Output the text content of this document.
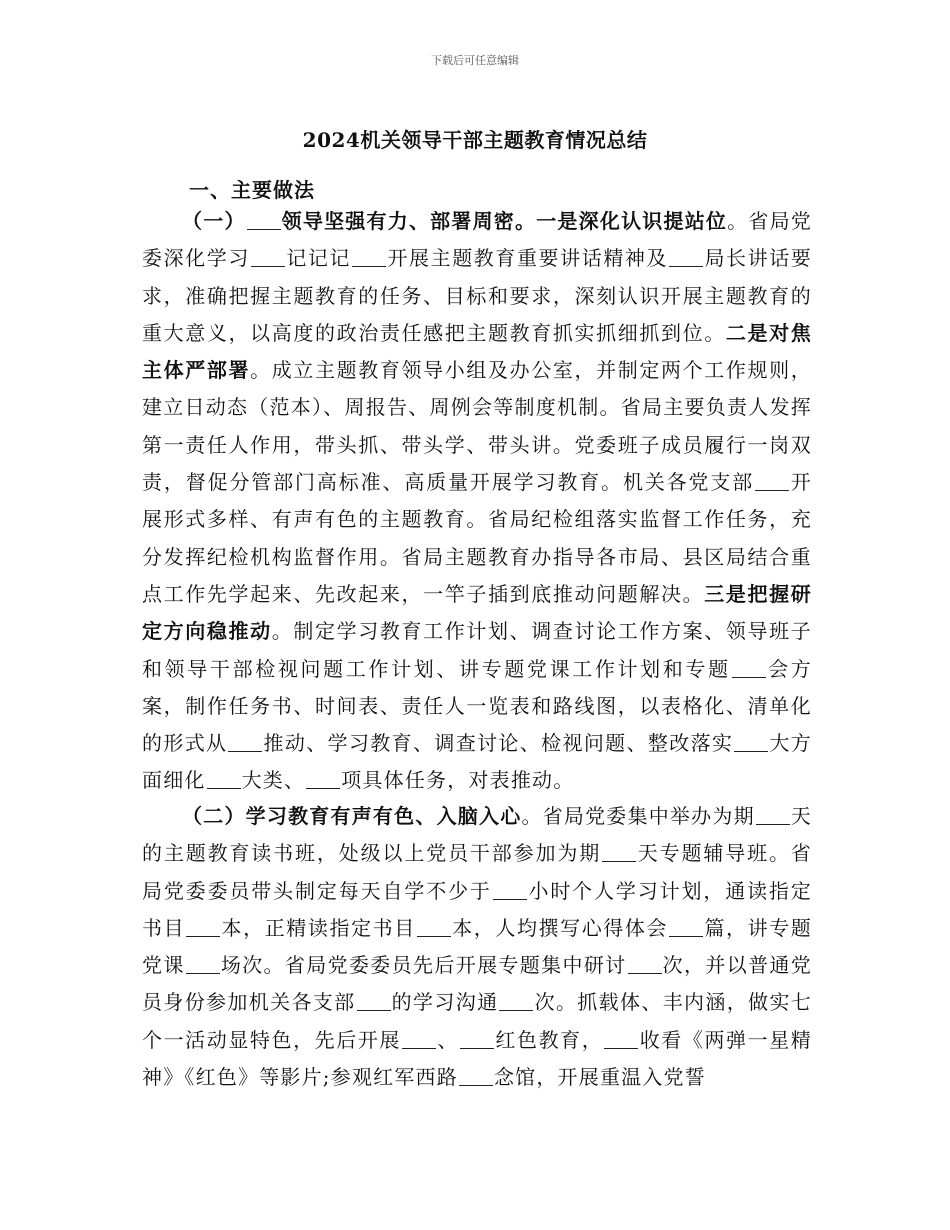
下载后可任意编辑
2024机关领导干部主题教育情况总结
一、主要做法
（一） 领导坚强有力、部署周密。一是深化认识提站位。省局党委深化学习 记记记 开展主题教育重要讲话精神及 局长讲话要求，准确把握主题教育的任务、目标和要求，深刻认识开展主题教育的重大意义，以高度的政治责任感把主题教育抓实抓细抓到位。二是对焦主体严部署。成立主题教育领导小组及办公室，并制定两个工作规则，建立日动态（范本）、周报告、周例会等制度机制。省局主要负责人发挥第一责任人作用，带头抓、带头学、带头讲。党委班子成员履行一岗双责，督促分管部门高标准、高质量开展学习教育。机关各党支部 开展形式多样、有声有色的主题教育。省局纪检组落实监督工作任务，充分发挥纪检机构监督作用。省局主题教育办指导各市局、县区局结合重点工作先学起来、先改起来，一竿子插到底推动问题解决。三是把握研定方向稳推动。制定学习教育工作计划、调查讨论工作方案、领导班子和领导干部检视问题工作计划、讲专题党课工作计划和专题 会方案，制作任务书、时间表、责任人一览表和路线图，以表格化、清单化的形式从 推动、学习教育、调查讨论、检视问题、整改落实 大方面细化 大类、 项具体任务，对表推动。
（二）学习教育有声有色、入脑入心。省局党委集中举办为期 天的主题教育读书班，处级以上党员干部参加为期 天专题辅导班。省局党委委员带头制定每天自学不少于 小时个人学习计划，通读指定书目 本，正精读指定书目 本，人均撰写心得体会 篇，讲专题党课 场次。省局党委委员先后开展专题集中研讨 次，并以普通党员身份参加机关各支部 的学习沟通 次。抓载体、丰内涵，做实七个一活动显特色，先后开展 、 红色教育， 收看《两弹一星精神》《红色》等影片;参观红军西路 念馆，开展重温入党誓
